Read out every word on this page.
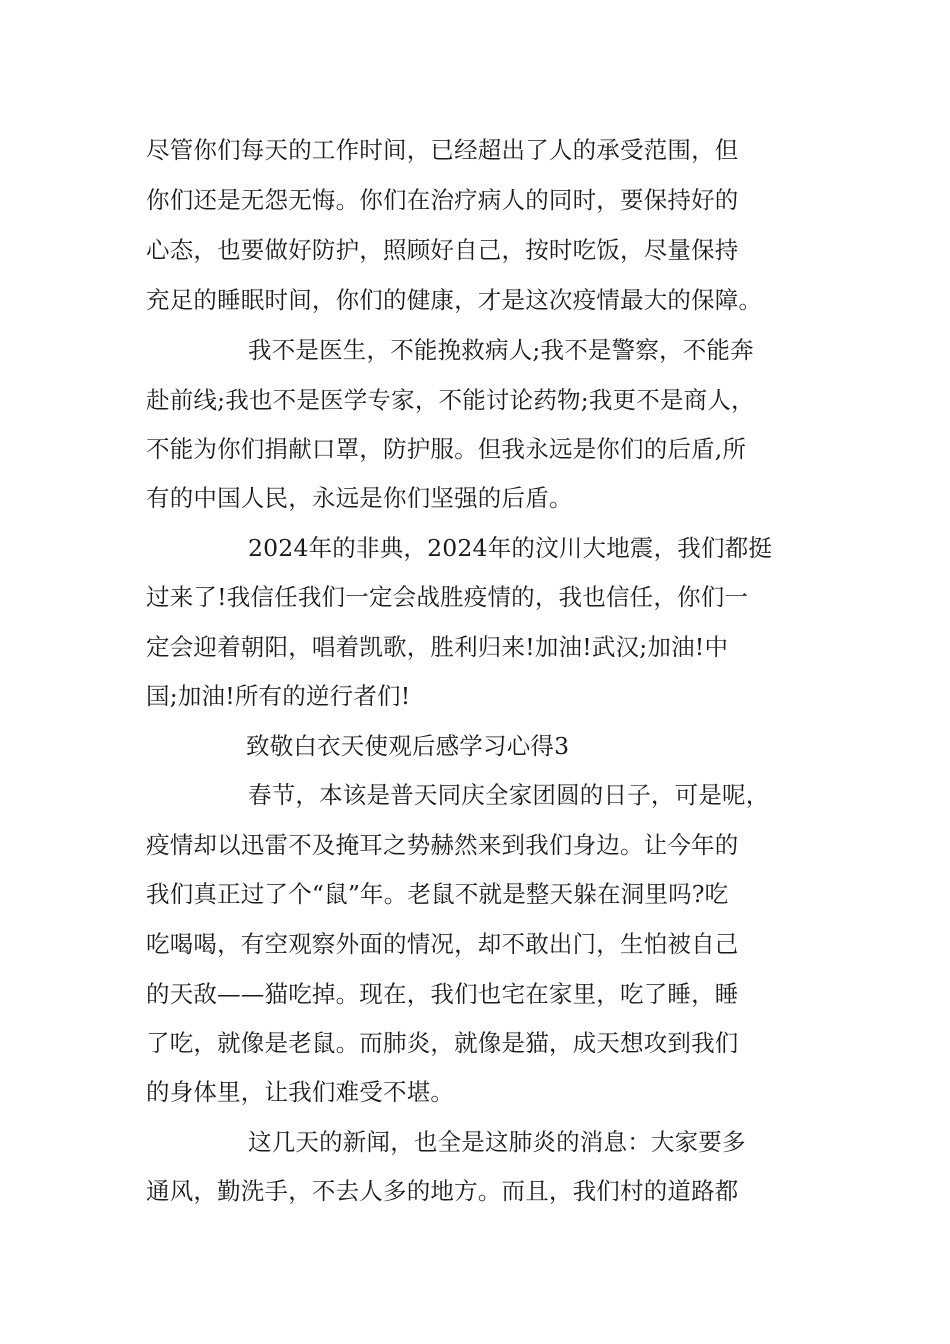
尽管你们每天的工作时间，已经超出了人的承受范围，但
你们还是无怨无悔。你们在治疗病人的同时，要保持好的
心态，也要做好防护，照顾好自己，按时吃饭，尽量保持
充足的睡眠时间，你们的健康，才是这次疫情最大的保障。
我不是医生，不能挽救病人;我不是警察，不能奔
赴前线;我也不是医学专家，不能讨论药物;我更不是商人，
不能为你们捐献口罩，防护服。但我永远是你们的后盾,所
有的中国人民，永远是你们坚强的后盾。
2024年的非典，2024年的汶川大地震，我们都挺
过来了!我信任我们一定会战胜疫情的，我也信任，你们一
定会迎着朝阳，唱着凯歌，胜利归来!加油!武汉;加油!中
国;加油!所有的逆行者们!
致敬白衣天使观后感学习心得3
春节，本该是普天同庆全家团圆的日子，可是呢，
疫情却以迅雷不及掩耳之势赫然来到我们身边。让今年的
我们真正过了个“鼠”年。老鼠不就是整天躲在洞里吗?吃
吃喝喝，有空观察外面的情况，却不敢出门，生怕被自己
的天敌——猫吃掉。现在，我们也宅在家里，吃了睡，睡
了吃，就像是老鼠。而肺炎，就像是猫，成天想攻到我们
的身体里，让我们难受不堪。
这几天的新闻，也全是这肺炎的消息：大家要多
通风，勤洗手，不去人多的地方。而且，我们村的道路都
